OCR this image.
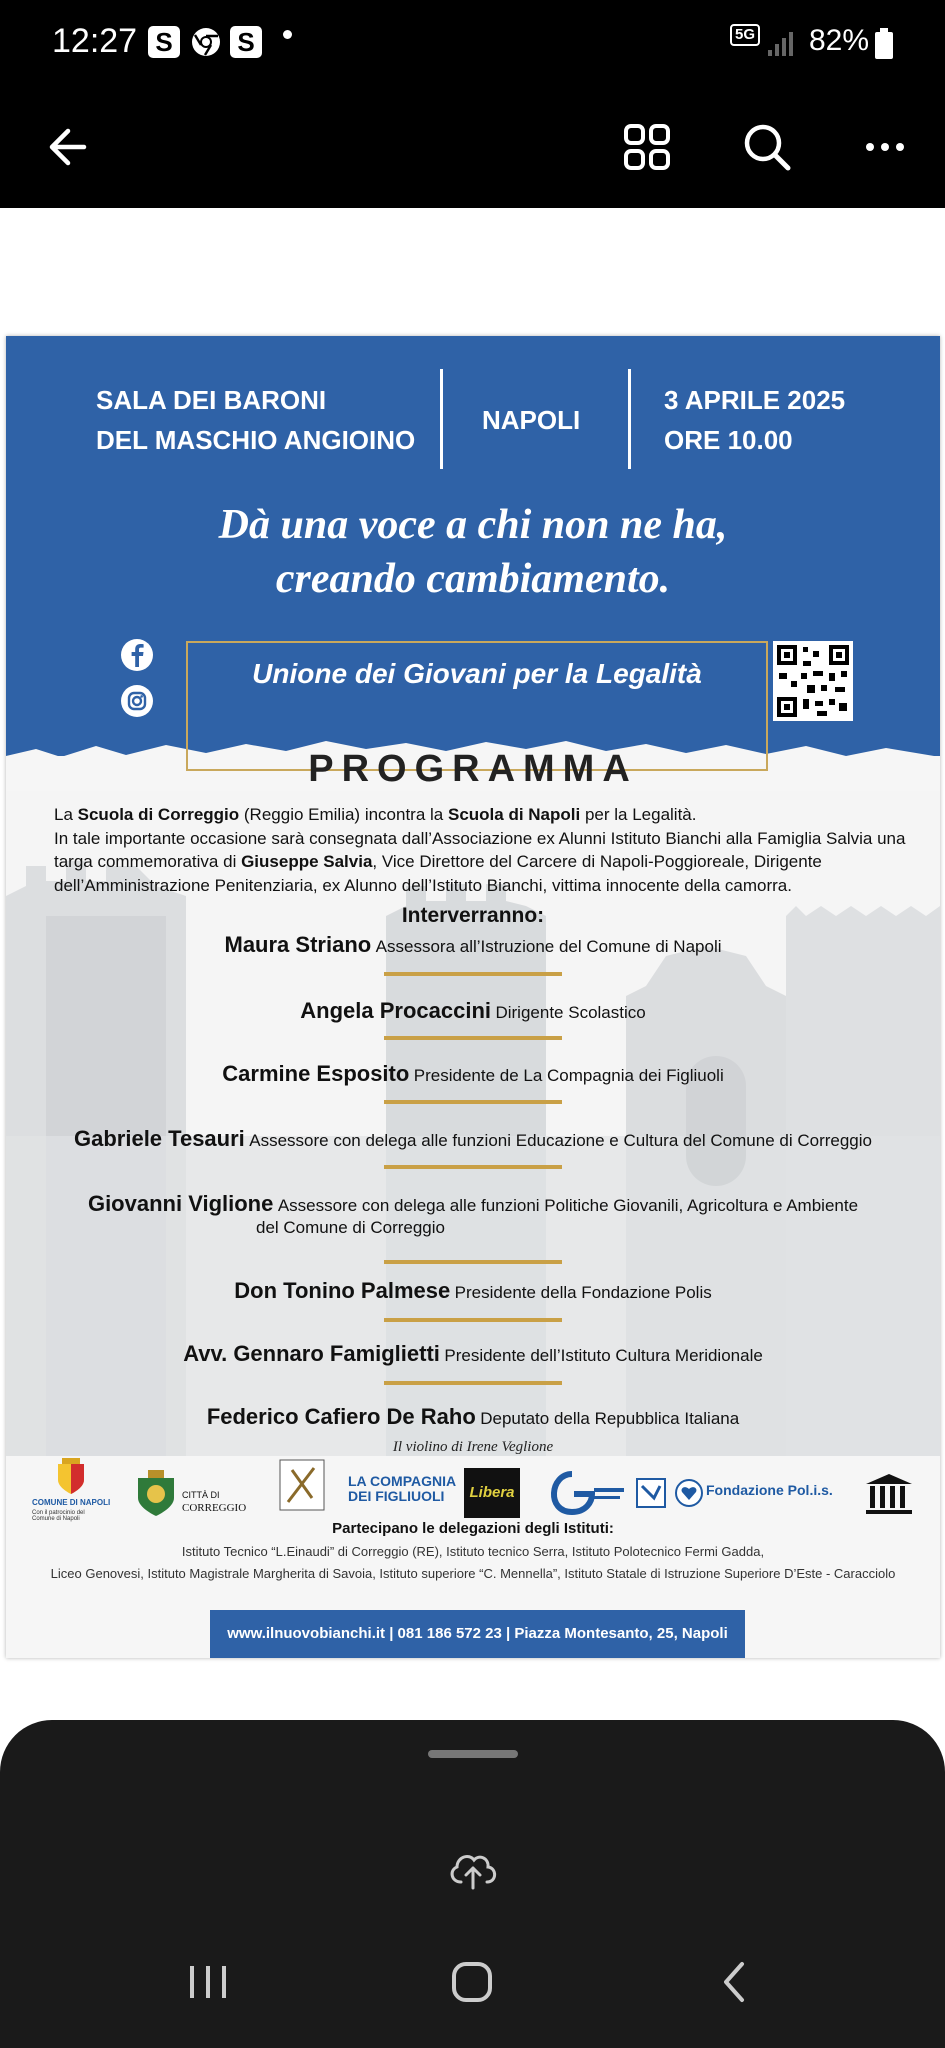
12:27 S S	5G 82%
SALA DEI BARONI
DEL MASCHIO ANGIOINO
NAPOLI
3 APRILE 2025
ORE 10.00
Dà una voce a chi non ne ha,
creando cambiamento.
Unione dei Giovani per la Legalità
PROGRAMMA
La Scuola di Correggio (Reggio Emilia) incontra la Scuola di Napoli per la Legalità.
In tale importante occasione sarà consegnata dall’Associazione ex Alunni Istituto Bianchi alla Famiglia Salvia una targa commemorativa di Giuseppe Salvia, Vice Direttore del Carcere di Napoli-Poggioreale, Dirigente dell’Amministrazione Penitenziaria, ex Alunno dell’Istituto Bianchi, vittima innocente della camorra.
Interverranno:
Maura Striano Assessora all’Istruzione del Comune di Napoli
Angela Procaccini Dirigente Scolastico
Carmine Esposito Presidente de La Compagnia dei Figliuoli
Gabriele Tesauri Assessore con delega alle funzioni Educazione e Cultura del Comune di Correggio
Giovanni Viglione Assessore con delega alle funzioni Politiche Giovanili, Agricoltura e Ambiente
del Comune di Correggio
Don Tonino Palmese Presidente della Fondazione Polis
Avv. Gennaro Famiglietti Presidente dell’Istituto Cultura Meridionale
Federico Cafiero De Raho Deputato della Repubblica Italiana
Il violino di Irene Veglione
COMUNE DI NAPOLI
Con il patrocinio del Comune di Napoli
CITTÀ DI
CORREGGIO
LA COMPAGNIA DEI FIGLIUOLI	Libera	Fondazione Pol.i.s.
Partecipano le delegazioni degli Istituti:
Istituto Tecnico “L.Einaudi” di Correggio (RE), Istituto tecnico Serra, Istituto Polotecnico Fermi Gadda,
Liceo Genovesi, Istituto Magistrale Margherita di Savoia, Istituto superiore “C. Mennella”, Istituto Statale di Istruzione Superiore D’Este - Caracciolo
www.ilnuovobianchi.it | 081 186 572 23 | Piazza Montesanto, 25, Napoli
